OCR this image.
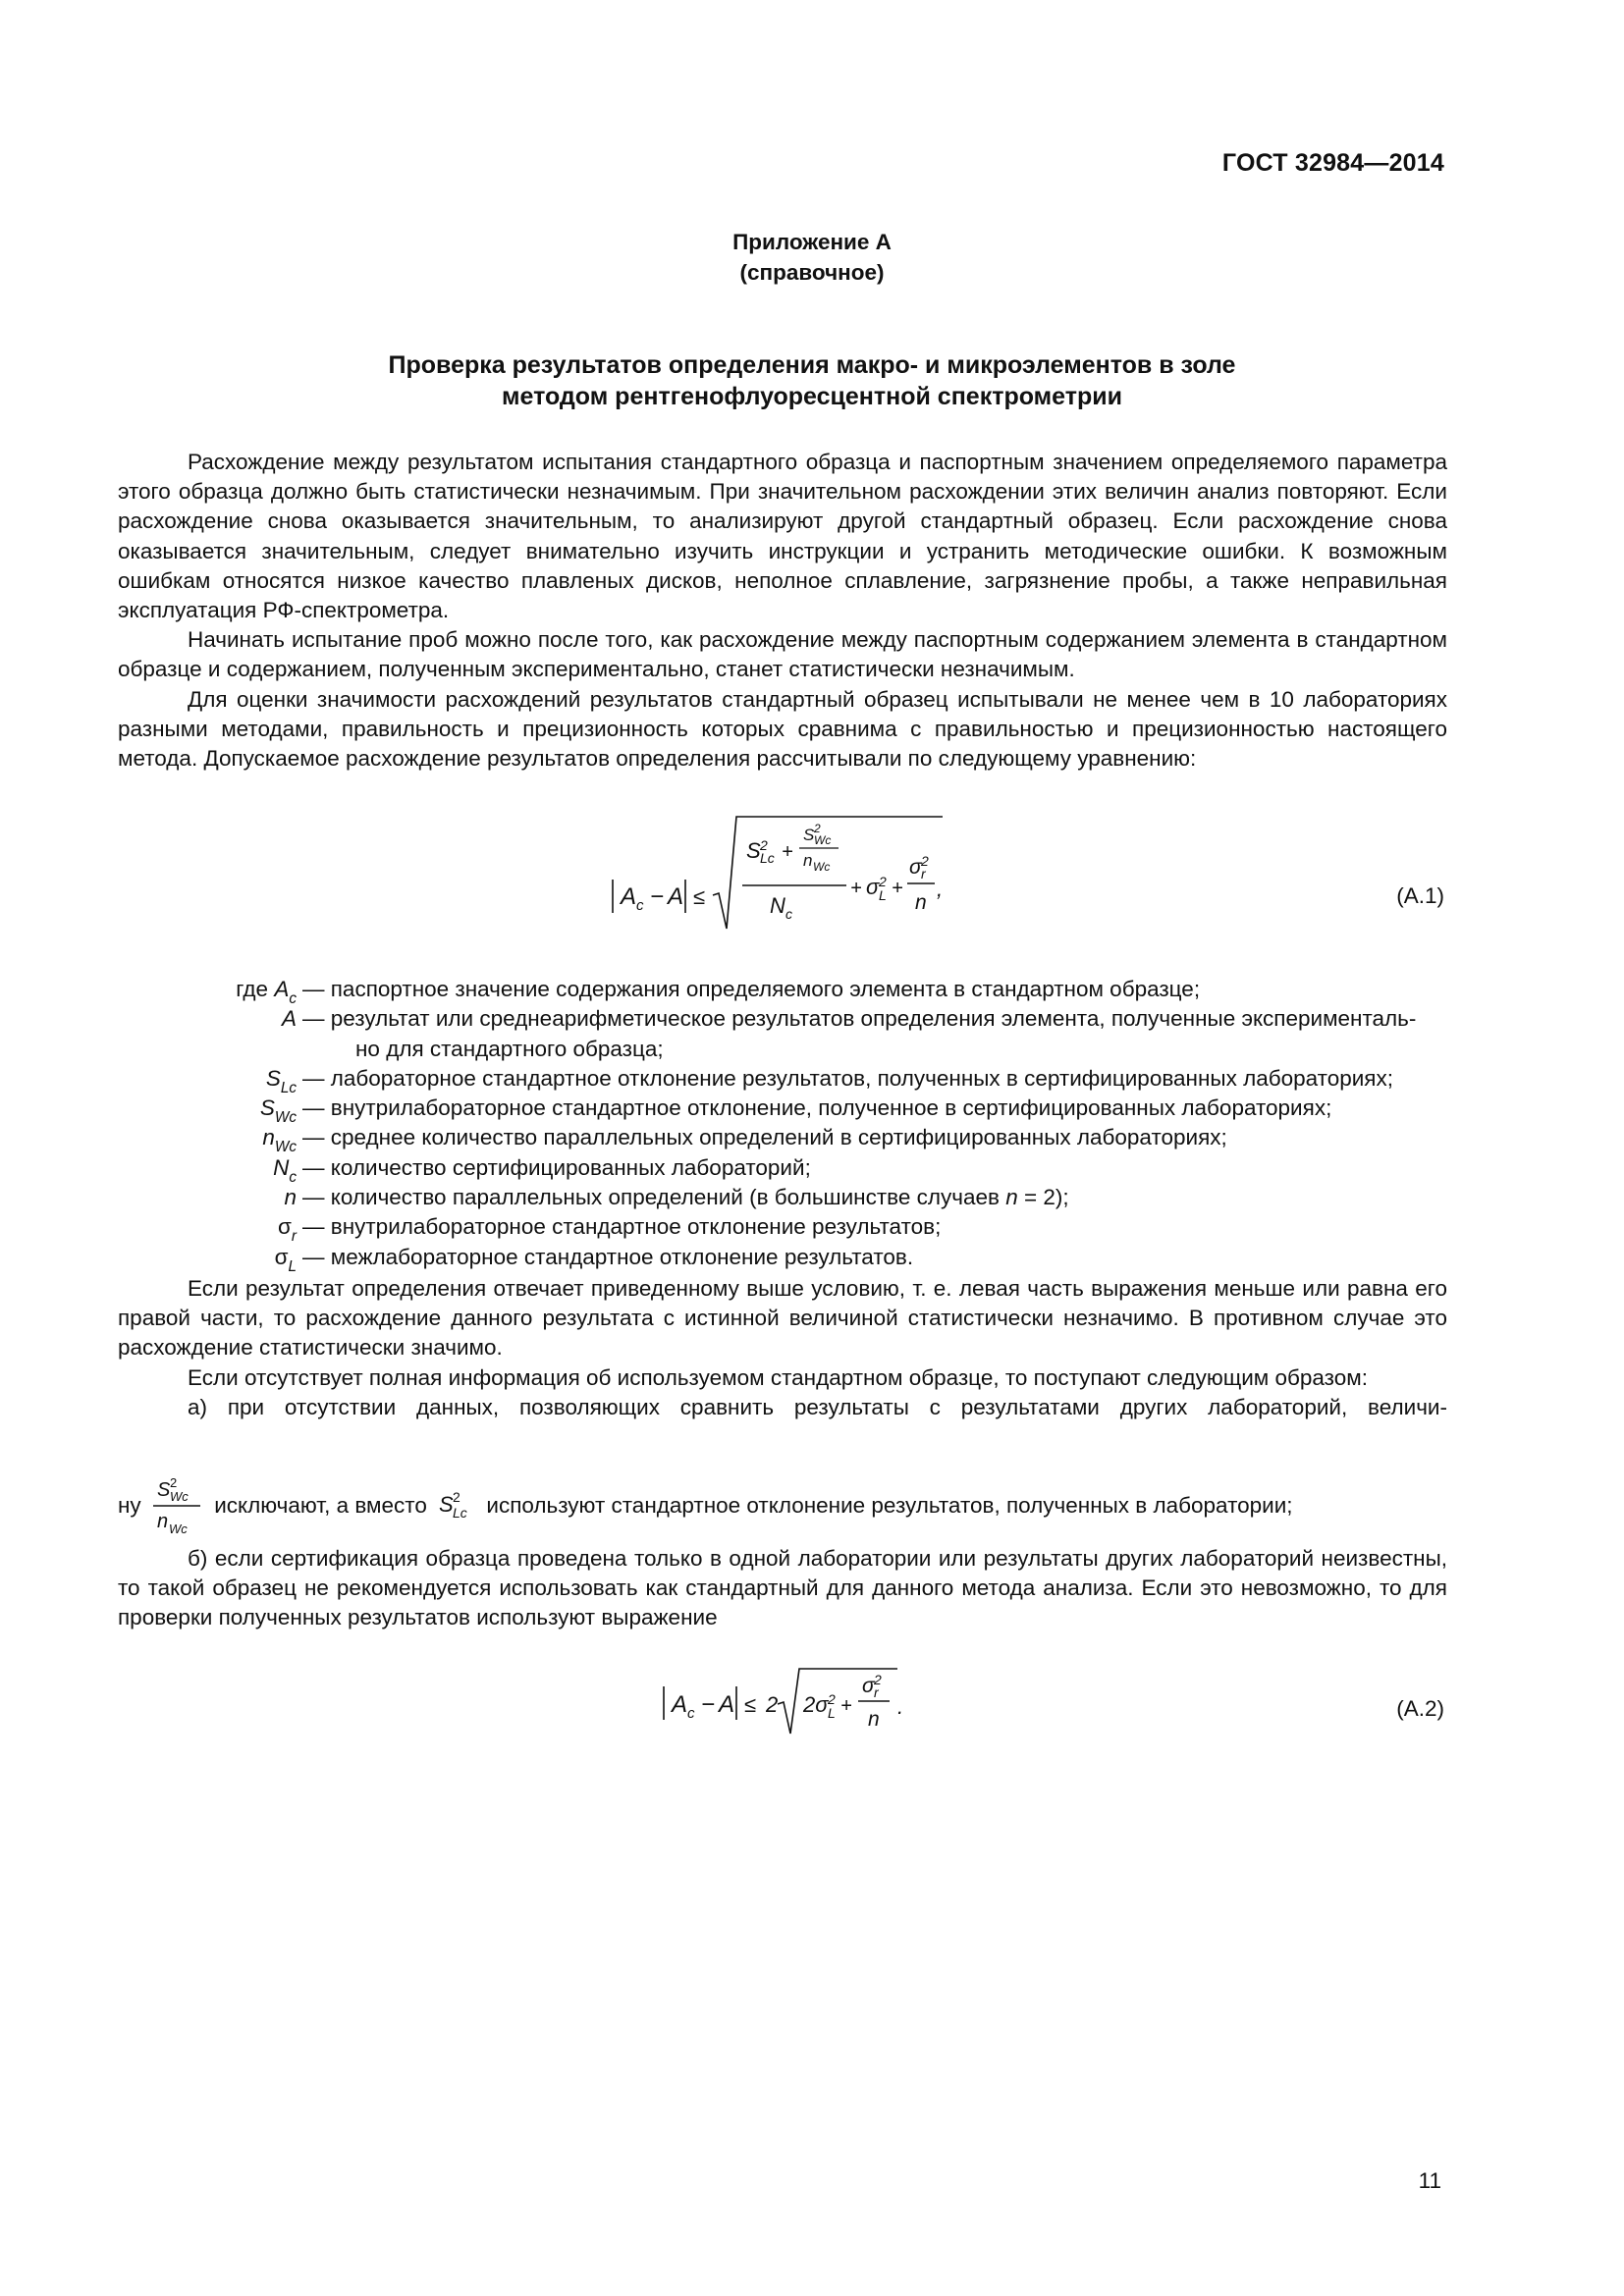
ГОСТ 32984—2014
Приложение А
(справочное)
Проверка результатов определения макро- и микроэлементов в золе
методом рентгенофлуоресцентной спектрометрии

Расхождение между результатом испытания стандартного образца и паспортным значением определяемого параметра этого образца должно быть статистически незначимым. При значительном расхождении этих величин анализ повторяют. Если расхождение снова оказывается значительным, то анализируют другой стандартный образец. Если расхождение снова оказывается значительным, следует внимательно изучить инструкции и устранить методические ошибки. К возможным ошибкам относятся низкое качество плавленых дисков, неполное сплавление, загрязнение пробы, а также неправильная эксплуатация РФ-спектрометра.

Начинать испытание проб можно после того, как расхождение между паспортным содержанием элемента в стандартном образце и содержанием, полученным экспериментально, станет статистически незначимым.

Для оценки значимости расхождений результатов стандартный образец испытывали не менее чем в 10 лабораториях разными методами, правильность и прецизионность которых сравнима с правильностью и прецизионностью настоящего метода. Допускаемое расхождение результатов определения рассчитывали по следующему уравнению:

A c − A ≤
S 2
Lc +
S 2
Wc
n Wc
N c
+ σ 2
L +
σ 2
r
n
,	(А.1)
где $A_c$ — паспортное значение содержания определяемого элемента в стандартном образце;
A — результат или среднеарифметическое результатов определения элемента, полученные эксперименталь-
но для стандартного образца;
$S_{Lc}$ — лабораторное стандартное отклонение результатов, полученных в сертифицированных лабораториях;
$S_{Wc}$ — внутрилабораторное стандартное отклонение, полученное в сертифицированных лабораториях;
$n_{Wc}$ — среднее количество параллельных определений в сертифицированных лабораториях;
$N_c$ — количество сертифицированных лабораторий;
n — количество параллельных определений (в большинстве случаев n = 2);
$\sigma_r$ — внутрилабораторное стандартное отклонение результатов;
$\sigma_L$ — межлабораторное стандартное отклонение результатов.

Если результат определения отвечает приведенному выше условию, т. е. левая часть выражения меньше или равна его правой части, то расхождение данного результата с истинной величиной статистически незначимо. В противном случае это расхождение статистически значимо.

Если отсутствует полная информация об используемом стандартном образце, то поступают следующим образом:

а) при отсутствии данных, позволяющих сравнить результаты с результатами других лабораторий, величи-

ну
S 2
Wc
n Wc
исключают, а вместо S 2
Lc используют стандартное отклонение результатов, полученных в лаборатории;

б) если сертификация образца проведена только в одной лаборатории или результаты других лабораторий неизвестны, то такой образец не рекомендуется использовать как стандартный для данного метода анализа. Если это невозможно, то для проверки полученных результатов используют выражение

A c − A ≤ 2 2σ 2
L +
σ 2
r
n
.	(А.2)
11
